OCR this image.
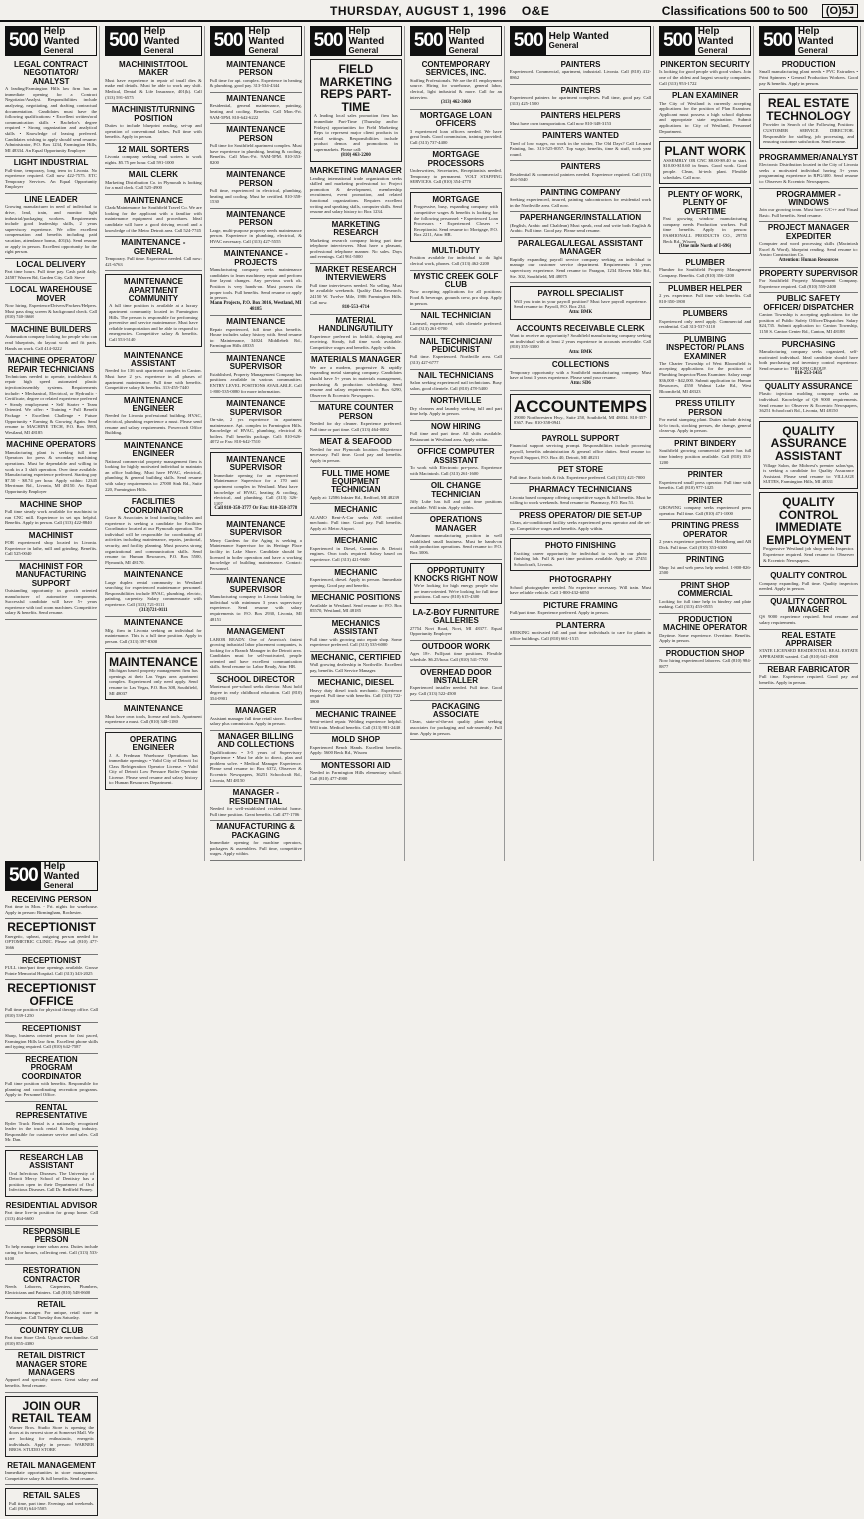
THURSDAY, AUGUST 1, 1996 O&E	Classifications 500 to 500	(O)5J
500 Help Wanted
General
LEGAL CONTRACT NEGOTIATOR/ ANALYST
A leading/Farmington Hills law firm has an immediate opening for a Contract Negotiator/Analyst. Responsibilities include analyzing, negotiating, and drafting contractual documentation. Candidates must have the following qualifications: • Excellent written/oral communication skills • Bachelor's degree required • Strong organization and analytical skills • Knowledge of leasing preferred. Candidates wishing to apply should send resume: Administrator, P.O. Box 1234, Farmington Hills, MI 48334. An Equal Opportunity Employer
LIGHT INDUSTRIAL
Full-time, temporary, long term in Livonia. No experience required. Call now 422-7575. ETC Temporary Services. An Equal Opportunity Employer
LINE LEADER
Growing manufacturer in need of individual to drive, lead, train, and monitor light industrial/packaging workers. Requirements include good leadership skills, 2 years supervisory experience. We offer excellent compensation and benefits including paid vacation, attendance bonus, 401(k). Send resume or apply in person. Excellent opportunity for the right person.
LOCAL DELIVERY
Part time hours. Full time pay. Cash paid daily. 24587 Warren Rd, Garden City. Call: Steve
LOCAL WAREHOUSE MOVER
Now hiring. Experience/Drivers/Packers/Helpers. Must pass drug screen & background check. Call (810) 740-3668
MACHINE BUILDERS
Automation company looking for people who can read blueprints, do layout work and fit parts. Hands on work. Call 414-0222
MACHINE OPERATOR/ REPAIR TECHNICIANS
Technicians needed to operate, troubleshoot & repair high speed automated plastic injection/assembly systems. Requirements include: • Mechanical, Electrical, or Hydraulic - Certificate, degree or related experience preferred • Steady employment • Self Starter • Team Oriented. We offer: • Training • Full Benefit Package • Excellent Challenge • Future Opportunity • Earning & Growing Again. Send resume to MACHINE TECH, P.O. Box 5985, Westland, MI 48185
MACHINE OPERATORS
Manufacturing plant is seeking full time Operators for press & secondary machining operations. Must be dependable and willing to work in a 3 shift operation. Over time available. Manufacturing experience preferred. Starting pay $7.50 - $8.74 per hour. Apply within: 12345 Merriman Rd., Livonia, MI 48150. An Equal Opportunity Employer
MACHINE SHOP
Full time steady work available for machinist to run CNC mill. Experience in set ups helpful. Benefits. Apply in person. Call (313) 422-8840
MACHINIST
FOR experienced shop located in Livonia. Experience in lathe, mill and grinding. Benefits. Call 525-0040
MACHINIST FOR MANUFACTURING SUPPORT
Outstanding opportunity in growth oriented manufacturer of automotive components. Successful candidate will have 5+ years experience with tool room machines. Competitive salary & benefits. Send resume.
500 Help Wanted
General
MACHINIST/TOOL MAKER
Must have experience in repair of tmall dies & make end details. Must be able to work any shift. Medical, Dental & Life Insurance, 401(k). Call (313) 591-6575
MACHINIST/TURNING POSITION
Duties to include blueprint reading, set-up and operation of conventional lathes. Full time with benefits. Apply in person.
12 MAIL SORTERS
Livonia company seeking mail sorters to work nights. $5.75 per hour. Call 591-1000
MAIL CLERK
Marketing Distribution Co. in Plymouth is looking for a mail clerk. Call 525-4900
MAINTENANCE
Clark/Maintenance for Southfield Travel Co. We are looking for the applicant with a familiar with maintenance equipment and procedures. Ideal candidate will have a good driving record and a knowledge of the Metro Detroit area. Call 524-7745
MAINTENANCE - GENERAL
Temporary. Full time. Experience needed. Call now: 421-6763
MAINTENANCE APARTMENT COMMUNITY
A full time position is available at a luxury apartment community located in Farmington Hills. The person is responsible for performing preventive and service maintenance. Must have reliable transportation and be able to respond to emergencies. Competitive salary & benefits. Call 553-5140
MAINTENANCE ASSISTANT
Needed for 136 unit apartment complex in Canton. Must have 2 yrs. experience in all phases of apartment maintenance. Full time with benefits. Competitive salary & benefits. 313-455-7440
MAINTENANCE ENGINEER
Needed for Livonia professional building. HVAC, electrical, plumbing experience a must. Please send resume and salary requirements. Powercraft Office Building.
MAINTENANCE ENGINEER
National commercial property management firm is looking for highly motivated individual to maintain an office building. Must have HVAC, electrical, plumbing & general building skills. Send resume with salary requirements to: 27000 Sink Rd., Suite 220, Farmington Hills.
FACILITIES COORDINATOR
Grace & Associates in lead founding builders and experience is seeking a candidate for Facilities Coordinator located at our Plymouth operation. The individual will be responsible for coordinating all activities including maintenance, repairs, janitorial, security, and facility planning. Must possess strong organizational and communication skills. Send resume to: Human Resources, P.O. Box 5500, Plymouth, MI 48170.
MAINTENANCE
Large duplex rental community in Westland searching for experienced maintenance personnel. Responsibilities include HVAC, plumbing, electric, painting, carpentry. Salary commensurate with experience. Call (313) 721-0111
(313)721-0111
MAINTENANCE
Mfg. firm in Livonia seeking an individual for maintenance. This is a full time position. Apply in person. Call (313) 397-8300
MAINTENANCE
Michigan based property management firm has openings at their Las Vegas area apartment complex. Experienced only need apply. Send resume to: Las Vegas, P.O. Box 308, Southfield, MI 48037
MAINTENANCE
Must have own tools, license and tools. Apartment experience a must. Call (810) 348-1180
OPERATING ENGINEER
J. A. Fredman Warehouse Operations has immediate openings: • Valid City of Detroit 1st Class Refrigeration Operator License. • Valid City of Detroit Low Pressure Boiler Operator License. Please send resume and salary history to: Human Resources Department.
500 Help Wanted
General
MAINTENANCE PERSON
Full time for apt. complex. Experience in heating & plumbing, good pay. 313-534-4344
MAINTENANCE
Residential, general maintenance, painting, heating and cooling. Benefits. Call Mon.-Fri. 9AM-5PM. 810-642-6222
MAINTENANCE PERSON
Full time for Southfield apartment complex. Must have experience in plumbing, heating & cooling. Benefits. Call Mon.-Fri. 9AM-5PM. 810-353-8200
MAINTENANCE PERSON
Full time, experienced in electrical, plumbing, heating and cooling. Must be certified. 810-358-1530
MAINTENANCE PERSON
Large, multi-purpose property needs maintenance person. Experience in plumbing, electrical, & HVAC necessary. Call (313) 427-5555
MAINTENANCE - PROJECTS
Manufacturing company seeks maintenance candidates to learn machinery repair and perform fine layout changes. Any previous work ok. Position is very hands-on. Must possess the proper tools. Full benefits. Send resume or apply in person.
Mann Projects, P.O. Box 3016, Westland, MI 48185
MAINTENANCE
Repair experienced, full time plus benefits. House includes salary history with. Send resume to: Maintenance, 34024 Middlebelt Rd., Farmington Hills 48335
MAINTENANCE SUPERVISOR
Established, Property Management Company has positions available in various communities. ENTRY LEVEL POSITIONS AVAILABLE. Call 1-800-535-0080 for more information.
MAINTENANCE SUPERVISOR
On-site, 2 yrs experience in apartment maintenance. Apt. complex in Farmington Hills. Knowledge of HVAC, plumbing, electrical & boilers. Full benefits package. Call: 810-626-4072 or Fax: 810-642-7510
MAINTENANCE SUPERVISOR
Immediate opening for an experienced Maintenance Supervisor for a 170 unit apartment complex in Westland. Must have knowledge of HVAC, heating & cooling, electrical, and plumbing. Call (313) 326-1107
Call 810-358-3777 Or Fax: 810-358-3778
MAINTENANCE SUPERVISOR
Merry Gardens for the Aging is seeking a Maintenance Supervisor for its Heritage Place facility in Lake Shore. Candidate should be licensed in boiler operation and have a working knowledge of building maintenance. Contact: Personnel.
MAINTENANCE SUPERVISOR
Manufacturing company in Livonia looking for individual with minimum 3 years supervisory experience. Send resume with salary requirements to: P.O. Box 2930, Livonia, MI 48151
MANAGEMENT
LABOR READY. One of America's fastest growing industrial labor placement companies, is looking for a Branch Manager in the Detroit area. Candidates must be self-motivated, people oriented and have excellent communication skills. Send resume to: Labor Ready, Attn: HR.
SCHOOL DIRECTOR
Montessori pre-school seeks director. Must hold degree in early childhood education. Call (810) 354-0901
MANAGER
Assistant manager full time retail store. Excellent salary plus commission. Apply in person.
MANAGER BILLING AND COLLECTIONS
Qualifications: • 3-5 years of Supervisory Experience • Must be able to direct, plan and problem solve. • Medical Manager Experience. Please send resume to: Box 6372, Observer & Eccentric Newspapers, 36251 Schoolcraft Rd., Livonia, MI 48150
MANAGER - RESIDENTIAL
Needed for well-established residential home. Full time position. Great benefits. Call 477-1706
MANUFACTURING & PACKAGING
Immediate opening for machine operators, packagers & assemblers. Full time, competitive wages. Apply within.
500 Help Wanted
General
FIELD MARKETING REPS PART-TIME
A leading local sales promotion firm has immediate Part-Time (Thursday and/or Fridays) opportunities for Field Marketing Reps to represent major client products in retail settings. Responsibilities include product demos and promotions in supermarkets. Please call:
(810) 463-2200
MARKETING MANAGER
Leading international trade organization seeks skilled and marketing professional to: Project promotion & development, membership recruitment, event promotion, and related functional organizations. Requires excellent writing and speaking skills, computer skills. Send resume and salary history to: Box 1234.
MARKETING RESEARCH
Marketing research company hiring part time telephone interviewers. Must have a pleasant, professional telephone manner. No sales. Days and evenings. Call 961-5000
MARKET RESEARCH INTERVIEWERS
Full time interviewers needed. No selling. Must be available weekends. Quality Data Research. 24150 W. Twelve Mile, 1986 Farmington Hills. Call now.
810-553-4714
MATERIAL HANDLING/UTILITY
Experience preferred in forklift, shipping and receiving. Steady, full time work available. Competitive wages and benefits. Apply within.
MATERIALS MANAGER
We are a modern, progressive & rapidly expanding metal stamping company. Candidates should have 5+ years in materials management, purchasing & production scheduling. Send resume and salary requirements to: Box 6290, Observer & Eccentric Newspapers.
MATURE COUNTER PERSON
Needed for dry cleaner. Experience preferred. Full time or part time. Call (313) 464-0002
MEAT & SEAFOOD
Needed for our Plymouth location. Experience necessary. Full time. Good pay and benefits. Apply in person.
FULL TIME HOME EQUIPMENT TECHNICIAN
Apply at: 12586 Inkster Rd., Redford, MI 48239
MECHANIC
ALAMO Rent-A-Car seeks ASE certified mechanic. Full time. Good pay. Full benefits. Apply at: Metro Airport.
MECHANIC
Experienced in Diesel, Cummins & Detroit engines. Own tools required. Salary based on experience. Call (313) 421-9600
MECHANIC
Experienced, diesel. Apply in person. Immediate opening. Good pay and benefits.
MECHANIC POSITIONS
Available in Westland. Send resume to: P.O. Box 85570, Westland, MI 48185
MECHANICS ASSISTANT
Full time with growing auto repair shop. Some experience preferred. Call (313) 535-6000
MECHANIC, CERTIFIED
Wall growing dealership in Northville. Excellent pay, benefits. Call Service Manager.
MECHANIC, DIESEL
Heavy duty diesel truck mechanic. Experience required. Full time with benefits. Call (313) 722-3800
MECHANIC TRAINEE
Semi-retired repair. Welding experience helpful. Will train. Medical benefits. Call (313) 981-2440
MOLD SHOP
Experienced Bench Hands. Excellent benefits. Apply: 5600 Beck Rd., Wixom
MONTESSORI AID
Needed in Farmington Hills elementary school. Call (810) 477-4900
500 Help Wanted
General
CONTEMPORARY SERVICES, INC.
Staffing Professionals. We are the #1 employment source. Hiring for warehouse, general labor, clerical, light industrial & more. Call for an interview.
(313) 462-3060
MORTGAGE LOAN OFFICERS
3 experienced loan officers needed. We have great leads. Good commission, training provided. Call (313) 737-4400
MORTGAGE PROCESSORS
Underwriters, Secretaries, Receptionists needed. Temporary to permanent. VOLT STAFFING SERVICES. Call (810) 354-4770
MORTGAGE
Progressive, busy, expanding company with competitive wages & benefits is looking for the following personnel: • Experienced Loan Processors • Experienced Closers • Receptionist. Send resume to: Mortgage, P.O. Box 2211, Attn: HR.
MULTI-DUTY
Position available for individual to do light clerical work, phones. Call (313) 462-2200
MYSTIC CREEK GOLF CLUB
Now accepting applications for all positions: Food & beverage, grounds crew, pro shop. Apply in person.
NAIL TECHNICIAN
Licensed, experienced, with clientele preferred. Call (313) 261-0700
NAIL TECHNICIAN/ PEDICURIST
Full time. Experienced. Northville area. Call (313) 427-6777
NAIL TECHNICIANS
Salon seeking experienced nail technicians. Busy salon, good clientele. Call (810) 478-5400
NORTHVILLE
Dry cleaners and laundry seeking full and part time help. Apply in person.
NOW HIRING
Full time and part time. All shifts available. Restaurant in Westland area. Apply within.
OFFICE COMPUTER ASSISTANT
To work with Electronic pre-press. Experience with Macintosh. Call (313) 261-1600
OIL CHANGE TECHNICIAN
Jiffy Lube has full and part time positions available. Will train. Apply within.
OPERATIONS MANAGER
Aluminum manufacturing position in well established small business. Must be hands-on with production operations. Send resume to: P.O. Box 3006.
OPPORTUNITY KNOCKS RIGHT NOW
We're looking for high energy people who are team-oriented. We're looking for full time positions. Call now (810) 615-4300
LA-Z-BOY FURNITURE GALLERIES
27754 Novi Road, Novi, MI 48377. Equal Opportunity Employer
OUTDOOR WORK
Ages 18+. Full/part time positions. Flexible schedule. $6.25/hour. Call (810) 541-7700
OVERHEAD DOOR INSTALLER
Experienced installer needed. Full time. Good pay. Call (313) 522-4500
PACKAGING ASSOCIATE
Clean, state-of-the-art quality plant seeking associates for packaging and sub-assembly. Full time. Apply in person.
500 Help Wanted
General
PAINTERS
Experienced. Commercial, apartment, industrial. Livonia. Call (810) 412-8862
PAINTERS
Experienced painters for apartment complexes. Full time, good pay. Call (313) 425-1500
PAINTERS HELPERS
Must have own transportation. Call now 810-348-3153
PAINTERS WANTED
Tired of low wages, no work in the winter, The Old Days? Call Leonard Painting, Inc. 313-525-0057. Top wage, benefits, time & stuff, work year round.
PAINTERS
Residential & commercial painters needed. Experience required. Call (313) 464-5040
PAINTING COMPANY
Seeking experienced, insured, painting subcontractors for residential work in the Northville area. Call now.
PAPERHANGER/INSTALLATION
(English, Arabic and Chaldean) Must speak, read and write both English & Arabic. Full time. Good pay. Please send resume.
PARALEGAL/LEGAL ASSISTANT MANAGER
Rapidly expanding payroll service company seeking an individual to manage our customer service department. Requirements: 3 years supervisory experience. Send resume to: Paragon, 1234 Eleven Mile Rd., Ste. 302, Southfield, MI 48075
PAYROLL SPECIALIST
Will you train in your payroll position? Must have payroll experience. Send resume to: Payroll, P.O. Box 234.
Attn: BMK
ACCOUNTS RECEIVABLE CLERK
Want to receive an opportunity? Southfield manufacturing company seeking an individual with at least 2 years experience in accounts receivable. Call (810) 355-3300
Attn: BMK
COLLECTIONS
Temporary opportunity with a Southfield manufacturing company. Must have at least 3 years experience. Please send your resume.
Attn: SD6
ACCOUNTEMPS
29000 Northwestern Hwy., Suite 250, Southfield, MI 48034. 810-357-8367. Fax: 810-358-0941
PAYROLL SUPPORT
Financial support servicing prompt. Responsibilities include processing payroll, benefits administration & general office duties. Send resume to: Payroll Support, P.O. Box 40, Detroit, MI 48231
PET STORE
Full time. Exotic birds & fish. Experience preferred. Call (313) 421-7000
PHARMACY TECHNICIANS
Livonia based company offering competitive wages & full benefits. Must be willing to work weekends. Send resume to: Pharmacy, P.O. Box 51.
PRESS OPERATOR/ DIE SET-UP
Clean, air-conditioned facility seeks experienced press operator and die set-up. Competitive wages and benefits. Apply within.
PHOTO FINISHING
Exciting career opportunity for individual to work in our photo finishing lab. Full & part time positions available. Apply at: 27451 Schoolcraft, Livonia.
PHOTOGRAPHY
School photographer needed. No experience necessary. Will train. Must have reliable vehicle. Call 1-800-432-6050
PICTURE FRAMING
Full/part time. Experience preferred. Apply in person.
PLANTERRA
SEEKING motivated full and part time individuals to care for plants in office buildings. Call (810) 661-1515
500 Help Wanted
General
PINKERTON SECURITY
Is looking for good people with good values. Join one of the oldest and largest security companies. Call (313) 953-1722
PLAN EXAMINER
The City of Westland is currently accepting applications for the position of Plan Examiner. Applicant must possess a high school diploma and appropriate state registration. Submit applications to: City of Westland, Personnel Department.
PLANT WORK
ASSEMBLY OR CNC $8.00-$9.40 to start. $10.00-$10.60 in 6mos. Good work. Good people. Clean, hi-tech plant. Flexible schedules. Call now.
PLENTY OF WORK, PLENTY OF OVERTIME
Fast growing window manufacturing company needs Production workers. Full time benefits. Apply in person: FASHIONALL PRODUCTS CO., 29755 Beck Rd., Wixom
(One mile North of I-696)
PLUMBER
Plumber for Southfield Property Management Company. Benefits. Call (810) 356-1200
PLUMBER HELPER
2 yrs. experience. Full time with benefits. Call 810-350-1800
PLUMBERS
Experienced only need apply. Commercial and residential. Call 313-537-3110
PLUMBING INSPECTOR/ PLANS EXAMINER
The Charter Township of West Bloomfield is accepting applications for the position of Plumbing Inspector/Plans Examiner. Salary range $36,000 - $42,000. Submit application to: Human Resources, 4550 Walnut Lake Rd., West Bloomfield, MI 48323
PRESS UTILITY PERSON
For metal stamping plant. Duties include driving hi-lo truck, stocking presses, die change, general clean-up. Apply in person.
PRINT BINDERY
Southfield growing commercial printer has full time bindery position available. Call (810) 353-1200
PRINTER
Experienced small press operator. Full time with benefits. Call (810) 977-1425
PRINTER
GROWING company seeks experienced press operator. Full time. Call (810) 471-1000
PRINTING PRESS OPERATOR
2 years experience preferred. Heidelberg and AB Dick. Full time. Call (810) 353-6300
PRINTING
Shop 1st and web press help needed. 1-800-826-2500
PRINT SHOP COMMERCIAL
Looking for full time help in bindery and plate making. Call (313) 453-0555
PRODUCTION MACHINE OPERATOR
Daytime. Some experience. Overtime. Benefits. Apply in person.
PRODUCTION SHOP
Now hiring experienced laborers. Call (810) 984-8877
500 Help Wanted
General
PRODUCTION
Small manufacturing plant needs • PVC Extruders • Print Spinners • General Production Workers. Good pay & benefits. Apply in person.
REAL ESTATE TECHNOLOGY
Provider in Search of the Following Position: CUSTOMER SERVICE DIRECTOR. Responsible for staffing, job processing, and ensuring customer satisfaction. Send resume.
PROGRAMMER/ANALYST
Electronic Distribution located in the City of Livonia seeks a motivated individual having 3+ years programming experience in RPG/400. Send resume to: Observer & Eccentric Newspapers.
PROGRAMMER - WINDOWS
Join our growing team. Must have C/C++ and Visual Basic. Full benefits. Send resume.
PROJECT MANAGER EXPEDITER
Computer and word processing skills (Macintosh Excel & Word), blueprint reading. Send resume to: Anstro Construction Co.
Attention: Human Resources
PROPERTY SUPERVISOR
For Southfield Property Management Company. Experience required. Call (810) 559-2400
PUBLIC SAFETY OFFICER/ DISPATCHER
Canton Township is accepting applications for the position of Public Safety Officer/Dispatcher. Salary $24,735. Submit application to: Canton Township, 1150 S. Canton Center Rd., Canton, MI 48188
PURCHASING
Manufacturing company seeks organized, self-motivated individual. Ideal candidate should have both purchasing and inventory control experience. Send resume to: THE KPH GROUP.
810-253-1435
QUALITY ASSURANCE
Plastic injection molding company seeks an individual. Knowledge of QS 9000 requirements. Send resume to: Observer & Eccentric Newspapers, 36251 Schoolcraft Rd., Livonia, MI 48150
QUALITY ASSURANCE ASSISTANT
Village Salon, the Midwest's premier salon/spa, is seeking a candidate for Quality Assurance Assistant. Please send resume to: VILLAGE SUITES, Farmington Hills, MI 48331
QUALITY CONTROL IMMEDIATE EMPLOYMENT
Progressive Westland job shop needs Inspector. Experience required. Send resume to: Observer & Eccentric Newspapers.
QUALITY CONTROL
Company expanding. Full time. Quality inspectors needed. Apply in person.
QUALITY CONTROL MANAGER
QS 9000 experience required. Send resume and salary requirements.
REAL ESTATE APPRAISER
STATE LICENSED RESIDENTIAL REAL ESTATE APPRAISER wanted. Call (810) 641-4900
REBAR FABRICATOR
Full time. Experience required. Good pay and benefits. Apply in person.
500 Help Wanted
General
RECEIVING PERSON
Part time in Mon. - Fri. nights for warehouse. Apply in person: Birmingham, Rochester.
RECEPTIONIST
Energetic, upbeat, outgoing person needed for OPTOMETRIC CLINIC. Please call (810) 477-1666
RECEPTIONIST
FULL time/part time openings available. Grosse Pointe Memorial Hospital. Call (313) 343-2025
RECEPTIONIST OFFICE
Full time position for physical therapy office. Call (810) 539-1250
RECEPTIONIST
Sharp, business oriented person for fast paced, Farmington Hills law firm. Excellent phone skills and typing required. Call (810) 642-7587
RECREATION PROGRAM COORDINATOR
Full time position with benefits. Responsible for planning and coordinating recreation programs. Apply to: Personnel Office.
RENTAL REPRESENTATIVE
Ryder Truck Rental is a nationally recognized leader in the truck rental & leasing industry. Responsible for customer service and sales. Call Mr. Dan.
RESEARCH LAB ASSISTANT
Oral Infectious Diseases. The University of Detroit Mercy School of Dentistry has a position open in their Department of Oral Infectious Diseases. Call Dr. Redfield Pinney.
RESIDENTIAL ADVISOR
Part time live-in position for group home. Call (313) 464-6600
RESPONSIBLE PERSON
To help manage inner urban area. Duties include caring for houses, collecting rent. Call (313) 533-6100
RESTORATION CONTRACTOR
Needs Laborers, Carpenters, Plumbers, Electricians and Painters. Call (810) 548-0600
RETAIL
Assistant manager. For unique, retail store in Farmington. Call Tuesday thru Saturday.
COUNTRY CLUB
Part time Store Clerk. Upscale merchandise. Call (810) 855-4380
RETAIL DISTRICT MANAGER STORE MANAGERS
Apparel and specialty stores. Great salary and benefits. Send resume.
JOIN OUR RETAIL TEAM
Warner Bros. Studio Store is opening the doors at its newest store at Somerset Mall. We are looking for enthusiastic, energetic individuals. Apply in person: WARNER BROS. STUDIO STORE
RETAIL MANAGEMENT
Immediate opportunities in store management. Competitive salary & full benefits. Send resume.
RETAIL SALES
Full time, part time. Evenings and weekends. Call (810) 644-5505
